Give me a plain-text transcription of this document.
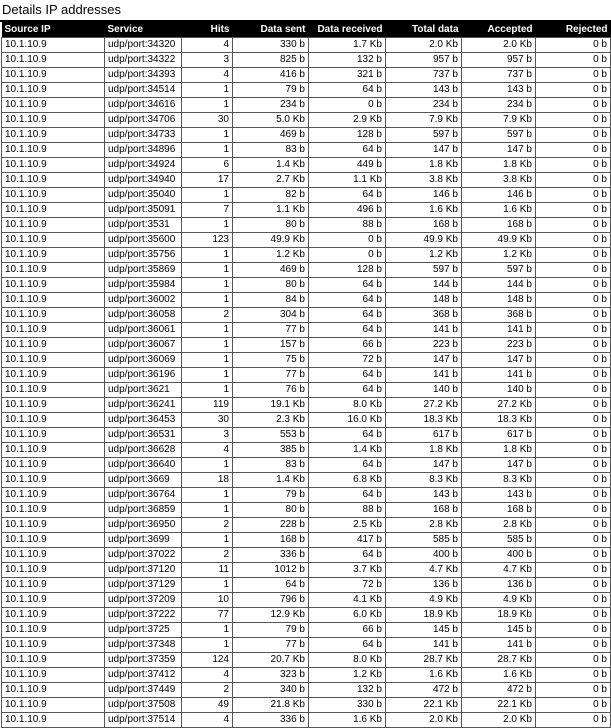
Details IP addresses
Source IP	Service	Hits	Data sent	Data received	Total data	Accepted	Rejected
10.1.10.9	udp/port:34320	4	330 b	1.7 Kb	2.0 Kb	2.0 Kb	0 b
10.1.10.9	udp/port:34322	3	825 b	132 b	957 b	957 b	0 b
10.1.10.9	udp/port:34393	4	416 b	321 b	737 b	737 b	0 b
10.1.10.9	udp/port:34514	1	79 b	64 b	143 b	143 b	0 b
10.1.10.9	udp/port:34616	1	234 b	0 b	234 b	234 b	0 b
10.1.10.9	udp/port:34706	30	5.0 Kb	2.9 Kb	7.9 Kb	7.9 Kb	0 b
10.1.10.9	udp/port:34733	1	469 b	128 b	597 b	597 b	0 b
10.1.10.9	udp/port:34896	1	83 b	64 b	147 b	147 b	0 b
10.1.10.9	udp/port:34924	6	1.4 Kb	449 b	1.8 Kb	1.8 Kb	0 b
10.1.10.9	udp/port:34940	17	2.7 Kb	1.1 Kb	3.8 Kb	3.8 Kb	0 b
10.1.10.9	udp/port:35040	1	82 b	64 b	146 b	146 b	0 b
10.1.10.9	udp/port:35091	7	1.1 Kb	496 b	1.6 Kb	1.6 Kb	0 b
10.1.10.9	udp/port:3531	1	80 b	88 b	168 b	168 b	0 b
10.1.10.9	udp/port:35600	123	49.9 Kb	0 b	49.9 Kb	49.9 Kb	0 b
10.1.10.9	udp/port:35756	1	1.2 Kb	0 b	1.2 Kb	1.2 Kb	0 b
10.1.10.9	udp/port:35869	1	469 b	128 b	597 b	597 b	0 b
10.1.10.9	udp/port:35984	1	80 b	64 b	144 b	144 b	0 b
10.1.10.9	udp/port:36002	1	84 b	64 b	148 b	148 b	0 b
10.1.10.9	udp/port:36058	2	304 b	64 b	368 b	368 b	0 b
10.1.10.9	udp/port:36061	1	77 b	64 b	141 b	141 b	0 b
10.1.10.9	udp/port:36067	1	157 b	66 b	223 b	223 b	0 b
10.1.10.9	udp/port:36069	1	75 b	72 b	147 b	147 b	0 b
10.1.10.9	udp/port:36196	1	77 b	64 b	141 b	141 b	0 b
10.1.10.9	udp/port:3621	1	76 b	64 b	140 b	140 b	0 b
10.1.10.9	udp/port:36241	119	19.1 Kb	8.0 Kb	27.2 Kb	27.2 Kb	0 b
10.1.10.9	udp/port:36453	30	2.3 Kb	16.0 Kb	18.3 Kb	18.3 Kb	0 b
10.1.10.9	udp/port:36531	3	553 b	64 b	617 b	617 b	0 b
10.1.10.9	udp/port:36628	4	385 b	1.4 Kb	1.8 Kb	1.8 Kb	0 b
10.1.10.9	udp/port:36640	1	83 b	64 b	147 b	147 b	0 b
10.1.10.9	udp/port:3669	18	1.4 Kb	6.8 Kb	8.3 Kb	8.3 Kb	0 b
10.1.10.9	udp/port:36764	1	79 b	64 b	143 b	143 b	0 b
10.1.10.9	udp/port:36859	1	80 b	88 b	168 b	168 b	0 b
10.1.10.9	udp/port:36950	2	228 b	2.5 Kb	2.8 Kb	2.8 Kb	0 b
10.1.10.9	udp/port:3699	1	168 b	417 b	585 b	585 b	0 b
10.1.10.9	udp/port:37022	2	336 b	64 b	400 b	400 b	0 b
10.1.10.9	udp/port:37120	11	1012 b	3.7 Kb	4.7 Kb	4.7 Kb	0 b
10.1.10.9	udp/port:37129	1	64 b	72 b	136 b	136 b	0 b
10.1.10.9	udp/port:37209	10	796 b	4.1 Kb	4.9 Kb	4.9 Kb	0 b
10.1.10.9	udp/port:37222	77	12.9 Kb	6.0 Kb	18.9 Kb	18.9 Kb	0 b
10.1.10.9	udp/port:3725	1	79 b	66 b	145 b	145 b	0 b
10.1.10.9	udp/port:37348	1	77 b	64 b	141 b	141 b	0 b
10.1.10.9	udp/port:37359	124	20.7 Kb	8.0 Kb	28.7 Kb	28.7 Kb	0 b
10.1.10.9	udp/port:37412	4	323 b	1.2 Kb	1.6 Kb	1.6 Kb	0 b
10.1.10.9	udp/port:37449	2	340 b	132 b	472 b	472 b	0 b
10.1.10.9	udp/port:37508	49	21.8 Kb	330 b	22.1 Kb	22.1 Kb	0 b
10.1.10.9	udp/port:37514	4	336 b	1.6 Kb	2.0 Kb	2.0 Kb	0 b
